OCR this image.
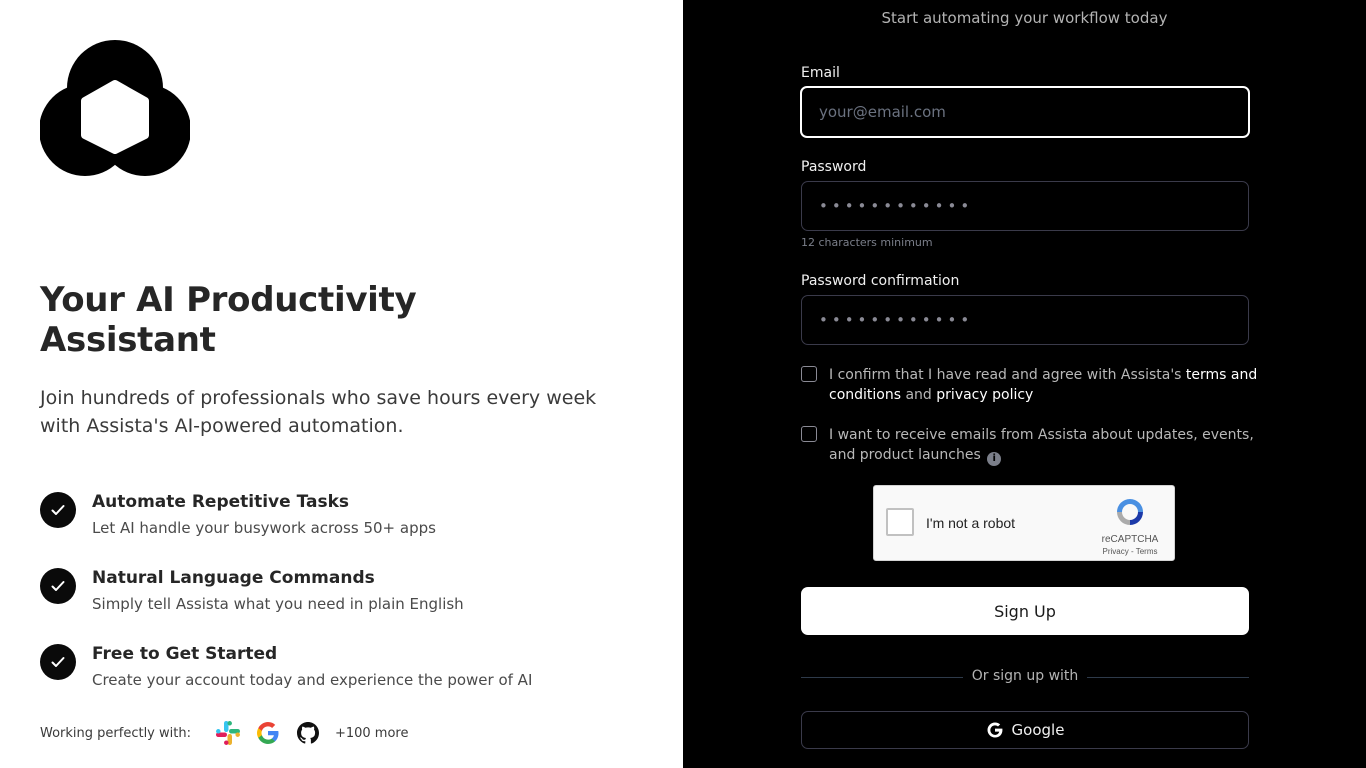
Your AI Productivity Assistant
Join hundreds of professionals who save hours every week with Assista's AI-powered automation.
Automate Repetitive Tasks
Let AI handle your busywork across 50+ apps
Natural Language Commands
Simply tell Assista what you need in plain English
Free to Get Started
Create your account today and experience the power of AI
Working perfectly with:	+100 more
Start automating your workflow today
Email
your@email.com
Password
••••••••••••
12 characters minimum
Password confirmation
••••••••••••
I confirm that I have read and agree with Assista's terms and conditions and privacy policy
I want to receive emails from Assista about updates, events, and product launches i
I'm not a robot
reCAPTCHA
Privacy - Terms
Sign Up
Or sign up with
Google
